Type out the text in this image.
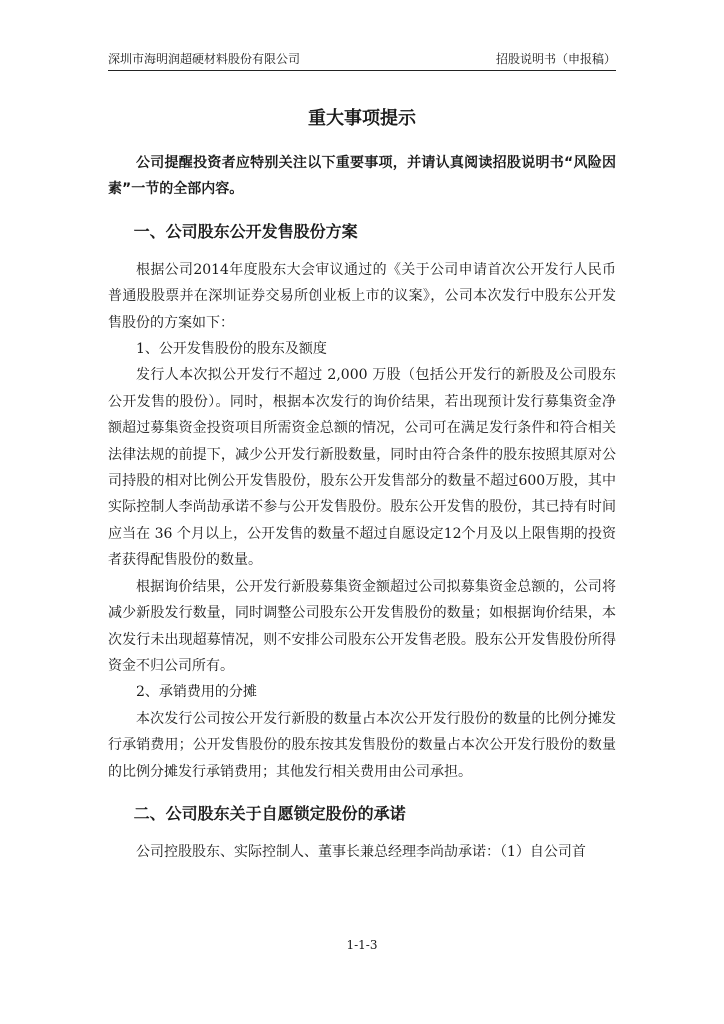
深圳市海明润超硬材料股份有限公司	招股说明书（申报稿）
重大事项提示

公司提醒投资者应特别关注以下重要事项，并请认真阅读招股说明书“风险因素”一节的全部内容。

一、公司股东公开发售股份方案

根据公司2014年度股东大会审议通过的《关于公司申请首次公开发行人民币普通股股票并在深圳证券交易所创业板上市的议案》，公司本次发行中股东公开发售股份的方案如下：

1、公开发售股份的股东及额度

发行人本次拟公开发行不超过 2,000 万股（包括公开发行的新股及公司股东公开发售的股份）。同时，根据本次发行的询价结果，若出现预计发行募集资金净额超过募集资金投资项目所需资金总额的情况，公司可在满足发行条件和符合相关法律法规的前提下，减少公开发行新股数量，同时由符合条件的股东按照其原对公司持股的相对比例公开发售股份，股东公开发售部分的数量不超过600万股，其中实际控制人李尚劼承诺不参与公开发售股份。股东公开发售的股份，其已持有时间应当在 36 个月以上，公开发售的数量不超过自愿设定12个月及以上限售期的投资者获得配售股份的数量。

根据询价结果，公开发行新股募集资金额超过公司拟募集资金总额的，公司将减少新股发行数量，同时调整公司股东公开发售股份的数量；如根据询价结果，本次发行未出现超募情况，则不安排公司股东公开发售老股。股东公开发售股份所得资金不归公司所有。

2、承销费用的分摊

本次发行公司按公开发行新股的数量占本次公开发行股份的数量的比例分摊发行承销费用；公开发售股份的股东按其发售股份的数量占本次公开发行股份的数量的比例分摊发行承销费用；其他发行相关费用由公司承担。

二、公司股东关于自愿锁定股份的承诺

公司控股股东、实际控制人、董事长兼总经理李尚劼承诺：（1）自公司首

1-1-3
